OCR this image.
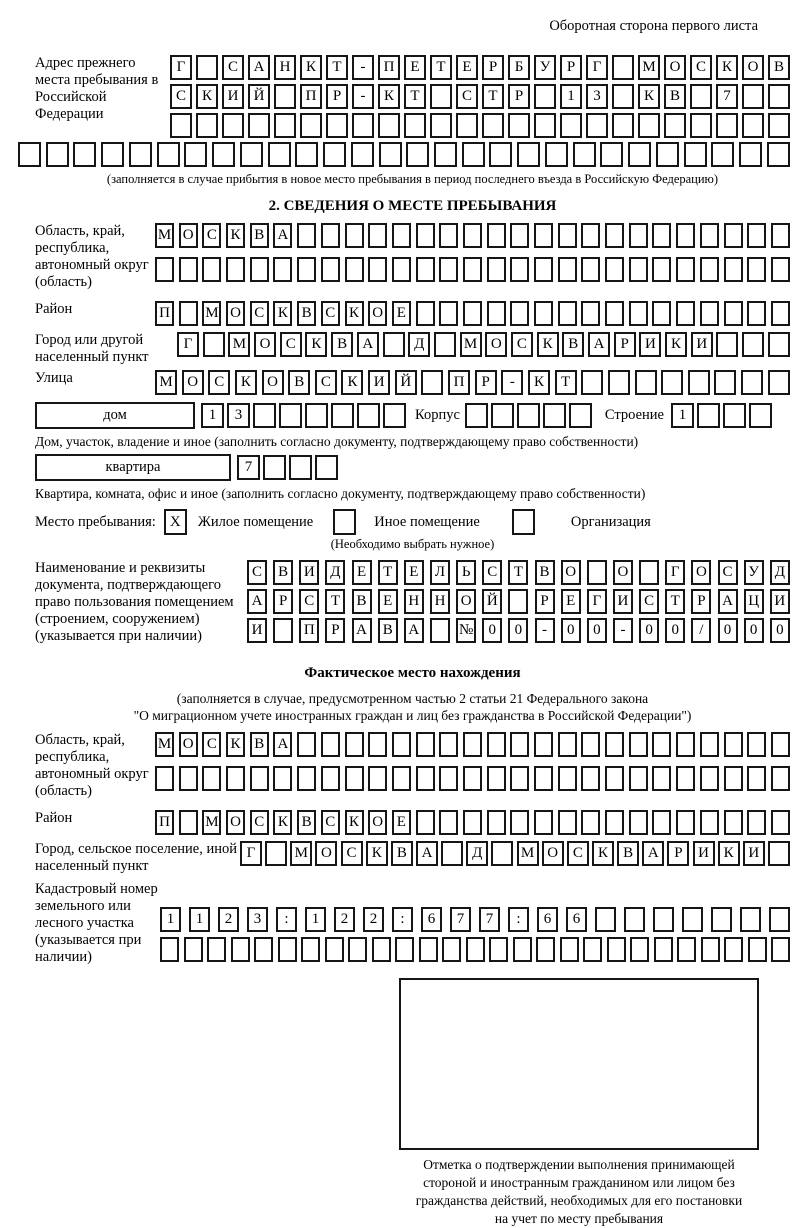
Оборотная сторона первого листа
Адрес прежнего места пребывания в Российской Федерации
Г	С	А	Н	К	Т	-	П	Е	Т	Е	Р	Б	У	Р	Г	М О	С	К	О	В
С	К	И	Й	П	Р	-	К	Т	С	Т	Р	1	3	К	В	7
(заполняется в случае прибытия в новое место пребывания в период последнего въезда в Российскую Федерацию)
2. СВЕДЕНИЯ О МЕСТЕ ПРЕБЫВАНИЯ
Область, край, республика, автономный округ (область)
М О С К В А
Район	П М О С К В С К О Е
Город или другой населенный пункт
Г	М О	С	К	В	А	Д	М О	С	К	В	А	Р	И	К	И
Улица	М О	С	К	О	В	С	К	И	Й	П	Р	-	К	Т
дом	1	3	Корпус	Строение 1
Дом, участок, владение и иное (заполнить согласно документу, подтверждающему право собственности)
квартира	7
Квартира, комната, офис и иное (заполнить согласно документу, подтверждающему право собственности)
Место пребывания: X	Жилое помещение	Иное помещение	Организация
(Необходимо выбрать нужное)
Наименование и реквизиты документа, подтверждающего право пользования помещением (строением, сооружением) (указывается при наличии)
С	В	И	Д	Е	Т	Е	Л	Ь	С	Т	В	О	О	Г	О	С	У	Д
А	Р	С	Т	В	Е	Н	Н	О	Й	Р	Е	Г	И	С	Т	Р	А	Ц	И
И	П	Р	А	В	А	№	0	0	-	0	0	-	0	0	/	0	0	0
Фактическое место нахождения
(заполняется в случае, предусмотренном частью 2 статьи 21 Федерального закона
"О миграционном учете иностранных граждан и лиц без гражданства в Российской Федерации")
Область, край, республика, автономный округ (область)
М О С К В А
Район	П М О С К В С К О Е
Город, сельское поселение, иной населенный пункт
Г	М О С	К	В А	Д	М О С	К	В А	Р	И К И
Кадастровый номер земельного или лесного участка (указывается при наличии)
1	1	2	3	:	1	2	2	:	6	7	7	:	6	6
Отметка о подтверждении выполнения принимающей
стороной и иностранным гражданином или лицом без
гражданства действий, необходимых для его постановки
на учет по месту пребывания
